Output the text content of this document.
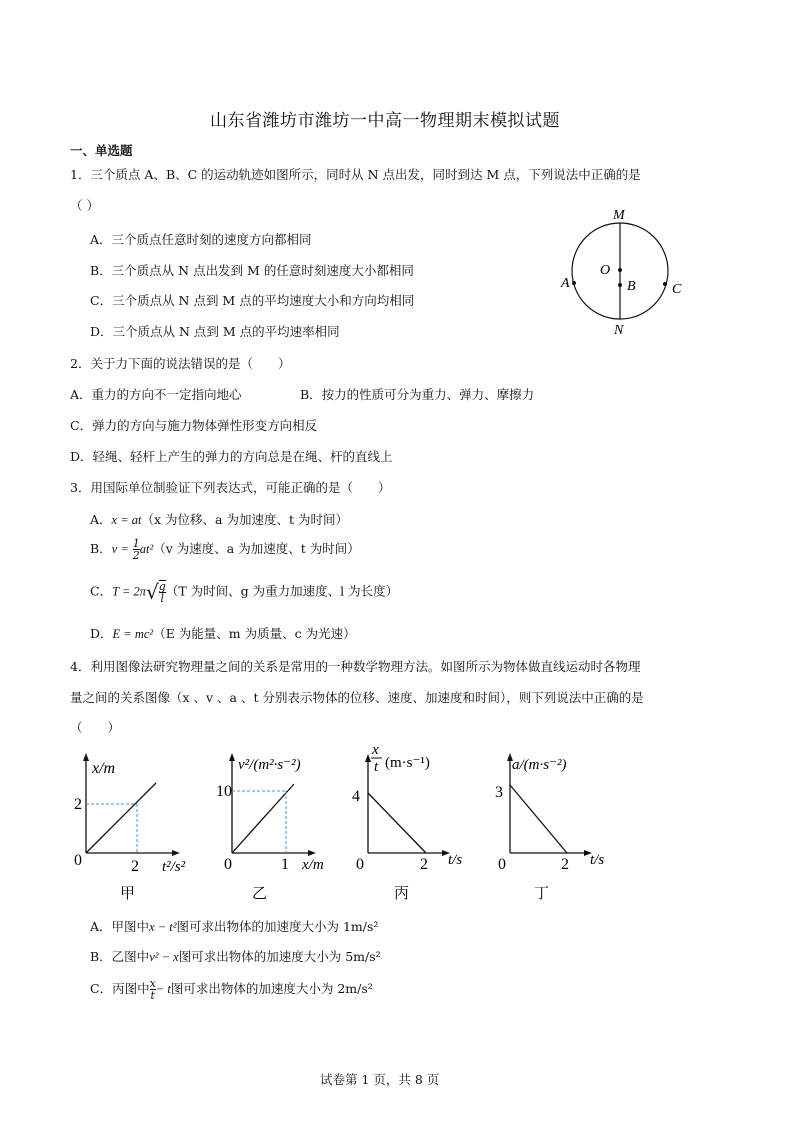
山东省潍坊市潍坊一中高一物理期末模拟试题
一、单选题
1．三个质点 A、B、C 的运动轨迹如图所示，同时从 N 点出发，同时到达 M 点，下列说法中正确的是
（ ）
A．三个质点任意时刻的速度方向都相同
B．三个质点从 N 点出发到 M 的任意时刻速度大小都相同
C．三个质点从 N 点到 M 点的平均速度大小和方向均相同
D．三个质点从 N 点到 M 点的平均速率相同
M
N
O
B
A	C
2．关于力下面的说法错误的是（　　）
A．重力的方向不一定指向地心	B．按力的性质可分为重力、弹力、摩擦力
C．弹力的方向与施力物体弹性形变方向相反
D．轻绳、轻杆上产生的弹力的方向总是在绳、杆的直线上
3．用国际单位制验证下列表达式，可能正确的是（　　）
A．x = at（x 为位移、a 为加速度、t 为时间）
B．$v = \frac{1}{2} at^2(v$ 为速度、a 为加速度、t 为时间）
C．$T = 2\pi√\frac{g}{l} (T$ 为时间、g 为重力加速度、l 为长度）
D．E = mc²（E 为能量、m 为质量、c 为光速）
4．利用图像法研究物理量之间的关系是常用的一种数学物理方法。如图所示为物体做直线运动时各物理
量之间的关系图像（x 、v 、a 、t 分别表示物体的位移、速度、加速度和时间），则下列说法中正确的是
（　　）
x/m
2
0	2 t²/s²
甲
v²/(m²·s⁻²)
10
0	1 x/m
乙
x
t (m·s⁻¹)
4
0	2 t/s
丙
a/(m·s⁻²)
3
0	2 t/s
丁
A．甲图中x − t²图可求出物体的加速度大小为 1m/s²
B．乙图中v² − x图可求出物体的加速度大小为 5m/s²
C．丙图中$\frac{x}{t} - t$图可求出物体的加速度大小为 2m/s²
试卷第 1 页，共 8 页
